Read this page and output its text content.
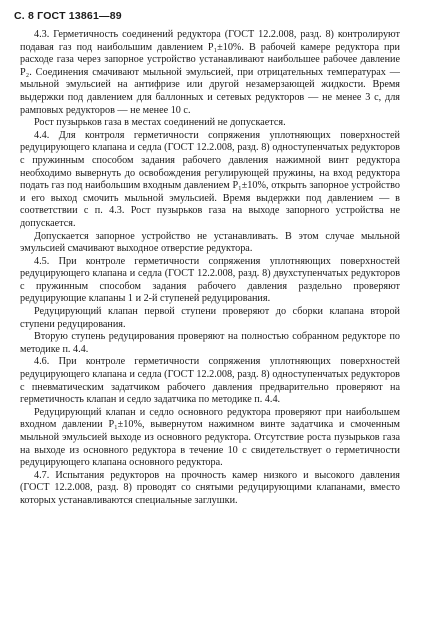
С. 8 ГОСТ 13861—89

4.3. Герметичность соединений редуктора (ГОСТ 12.2.008, разд. 8) контролируют подавая газ под наибольшим давлением P₁±10%. В рабочей камере редуктора при расходе газа через запорное устройство устанавливают наибольшее рабочее давление P₂. Соединения смачивают мыльной эмульсией, при отрицательных температурах — мыльной эмульсией на антифризе или другой незамерзающей жидкости. Время выдержки под давлением для баллонных и сетевых редукторов — не менее 3 с, для рамповых редукторов — не менее 10 с.

Рост пузырьков газа в местах соединений не допускается.

4.4. Для контроля герметичности сопряжения уплотняющих поверхностей редуцирующего клапана и седла (ГОСТ 12.2.008, разд. 8) одноступенчатых редукторов с пружинным способом задания рабочего давления нажимной винт редуктора необходимо вывернуть до освобождения регулирующей пружины, на вход редуктора подать газ под наибольшим входным давлением P₁±10%, открыть запорное устройство и его выход смочить мыльной эмульсией. Время выдержки под давлением — в соответствии с п. 4.3. Рост пузырьков газа на выходе запорного устройства не допускается.

Допускается запорное устройство не устанавливать. В этом случае мыльной эмульсией смачивают выходное отверстие редуктора.

4.5. При контроле герметичности сопряжения уплотняющих поверхностей редуцирующего клапана и седла (ГОСТ 12.2.008, разд. 8) двухступенчатых редукторов с пружинным способом задания рабочего давления раздельно проверяют редуцирующие клапаны 1 и 2-й ступеней редуцирования.

Редуцирующий клапан первой ступени проверяют до сборки клапана второй ступени редуцирования.

Вторую ступень редуцирования проверяют на полностью собранном редукторе по методике п. 4.4.

4.6. При контроле герметичности сопряжения уплотняющих поверхностей редуцирующего клапана и седла (ГОСТ 12.2.008, разд. 8) одноступенчатых редукторов с пневматическим задатчиком рабочего давления предварительно проверяют на герметичность клапан и седло задатчика по методике п. 4.4.

Редуцирующий клапан и седло основного редуктора проверяют при наибольшем входном давлении P₁±10%, вывернутом нажимном винте задатчика и смоченным мыльной эмульсией выходе из основного редуктора. Отсутствие роста пузырьков газа на выходе из основного редуктора в течение 10 с свидетельствует о герметичности редуцирующего клапана основного редуктора.

4.7. Испытания редукторов на прочность камер низкого и высокого давления (ГОСТ 12.2.008, разд. 8) проводят со снятыми редуцирующими клапанами, вместо которых устанавливаются специальные заглушки.
